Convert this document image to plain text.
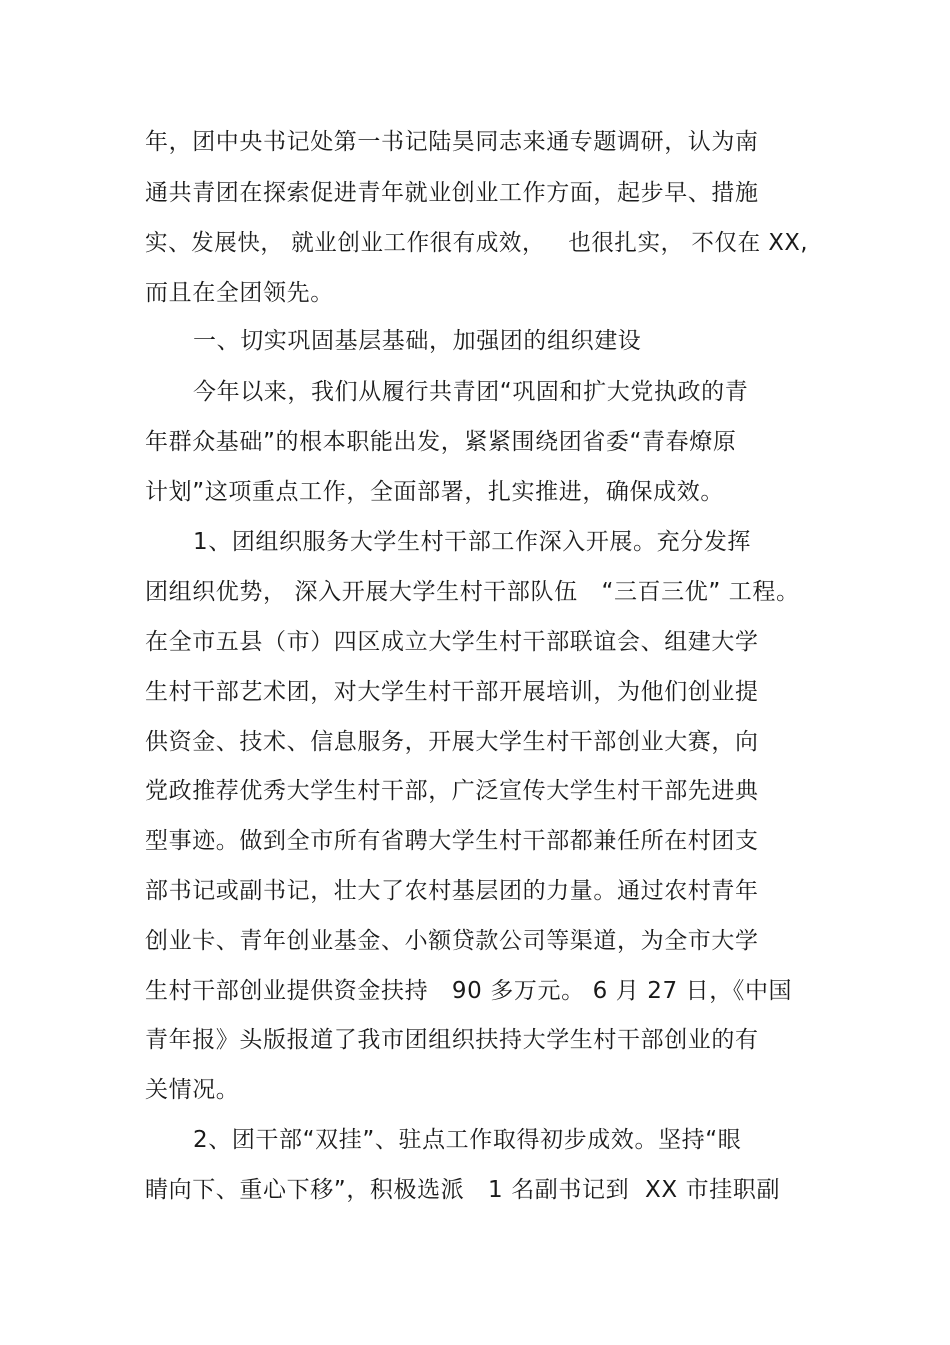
年，团中央书记处第一书记陆昊同志来通专题调研，认为南

通共青团在探索促进青年就业创业工作方面，起步早、措施

实、发展快， 就业创业工作很有成效，   也很扎实， 不仅在 XX,

而且在全团领先。

一、切实巩固基层基础，加强团的组织建设

今年以来，我们从履行共青团“巩固和扩大党执政的青

年群众基础”的根本职能出发，紧紧围绕团省委“青春燎原

计划”这项重点工作，全面部署，扎实推进，确保成效。

1、团组织服务大学生村干部工作深入开展。充分发挥

团组织优势， 深入开展大学生村干部队伍   “三百三优” 工程。

在全市五县（市）四区成立大学生村干部联谊会、组建大学

生村干部艺术团，对大学生村干部开展培训，为他们创业提

供资金、技术、信息服务，开展大学生村干部创业大赛，向

党政推荐优秀大学生村干部，广泛宣传大学生村干部先进典

型事迹。做到全市所有省聘大学生村干部都兼任所在村团支

部书记或副书记，壮大了农村基层团的力量。通过农村青年

创业卡、青年创业基金、小额贷款公司等渠道，为全市大学

生村干部创业提供资金扶持   90 多万元。 6 月 27 日，《中国

青年报》头版报道了我市团组织扶持大学生村干部创业的有

关情况。

2、团干部“双挂”、驻点工作取得初步成效。坚持“眼

睛向下、重心下移”，积极选派   1 名副书记到  XX 市挂职副
